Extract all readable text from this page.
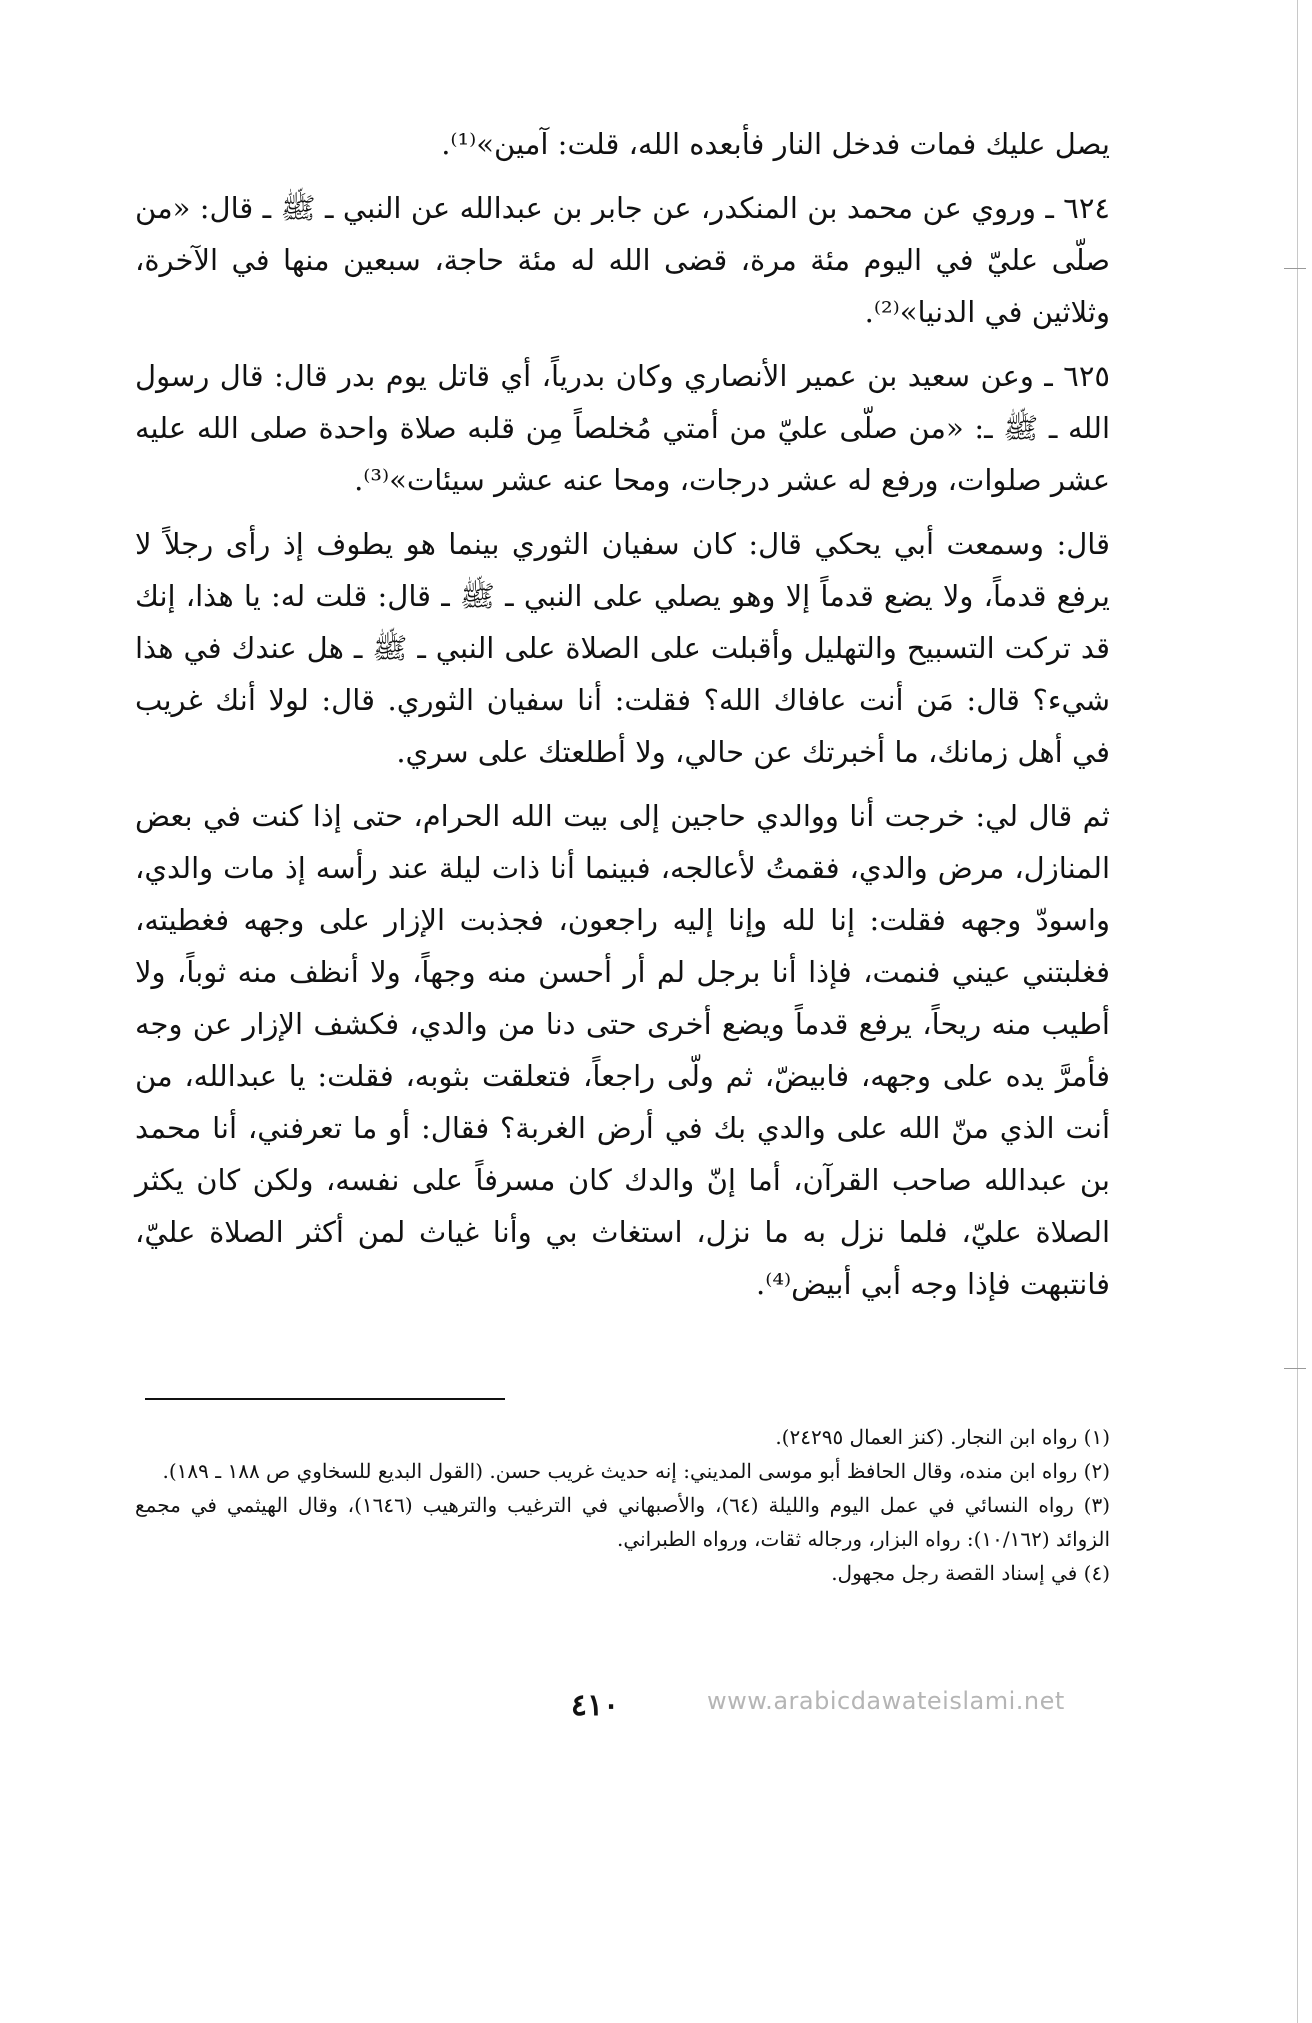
يصل عليك فمات فدخل النار فأبعده الله، قلت: آمين»⁽¹⁾.

٦٢٤ ـ وروي عن محمد بن المنكدر، عن جابر بن عبدالله عن النبي ـ ﷺ ـ قال: «من صلّى عليّ في اليوم مئة مرة، قضى الله له مئة حاجة، سبعين منها في الآخرة، وثلاثين في الدنيا»⁽²⁾.

٦٢٥ ـ وعن سعيد بن عمير الأنصاري وكان بدرياً، أي قاتل يوم بدر قال: قال رسول الله ـ ﷺ ـ: «من صلّى عليّ من أمتي مُخلصاً مِن قلبه صلاة واحدة صلى الله عليه عشر صلوات، ورفع له عشر درجات، ومحا عنه عشر سيئات»⁽³⁾.

قال: وسمعت أبي يحكي قال: كان سفيان الثوري بينما هو يطوف إذ رأى رجلاً لا يرفع قدماً، ولا يضع قدماً إلا وهو يصلي على النبي ـ ﷺ ـ قال: قلت له: يا هذا، إنك قد تركت التسبيح والتهليل وأقبلت على الصلاة على النبي ـ ﷺ ـ هل عندك في هذا شيء؟ قال: مَن أنت عافاك الله؟ فقلت: أنا سفيان الثوري. قال: لولا أنك غريب في أهل زمانك، ما أخبرتك عن حالي، ولا أطلعتك على سري.

ثم قال لي: خرجت أنا ووالدي حاجين إلى بيت الله الحرام، حتى إذا كنت في بعض المنازل، مرض والدي، فقمتُ لأعالجه، فبينما أنا ذات ليلة عند رأسه إذ مات والدي، واسودّ وجهه فقلت: إنا لله وإنا إليه راجعون، فجذبت الإزار على وجهه فغطيته، فغلبتني عيني فنمت، فإذا أنا برجل لم أر أحسن منه وجهاً، ولا أنظف منه ثوباً، ولا أطيب منه ريحاً، يرفع قدماً ويضع أخرى حتى دنا من والدي، فكشف الإزار عن وجه فأمرَّ يده على وجهه، فابيضّ، ثم ولّى راجعاً، فتعلقت بثوبه، فقلت: يا عبدالله، من أنت الذي منّ الله على والدي بك في أرض الغربة؟ فقال: أو ما تعرفني، أنا محمد بن عبدالله صاحب القرآن، أما إنّ والدك كان مسرفاً على نفسه، ولكن كان يكثر الصلاة عليّ، فلما نزل به ما نزل، استغاث بي وأنا غياث لمن أكثر الصلاة عليّ، فانتبهت فإذا وجه أبي أبيض⁽⁴⁾.

(١) رواه ابن النجار. (كنز العمال ٢٤٢٩٥).

(٢) رواه ابن منده، وقال الحافظ أبو موسى المديني: إنه حديث غريب حسن. (القول البديع للسخاوي ص ١٨٨ ـ ١٨٩).

(٣) رواه النسائي في عمل اليوم والليلة (٦٤)، والأصبهاني في الترغيب والترهيب (١٦٤٦)، وقال الهيثمي في مجمع الزوائد (١٠/١٦٢): رواه البزار، ورجاله ثقات، ورواه الطبراني.

(٤) في إسناد القصة رجل مجهول.

٤١٠	www.arabicdawateislami.net
